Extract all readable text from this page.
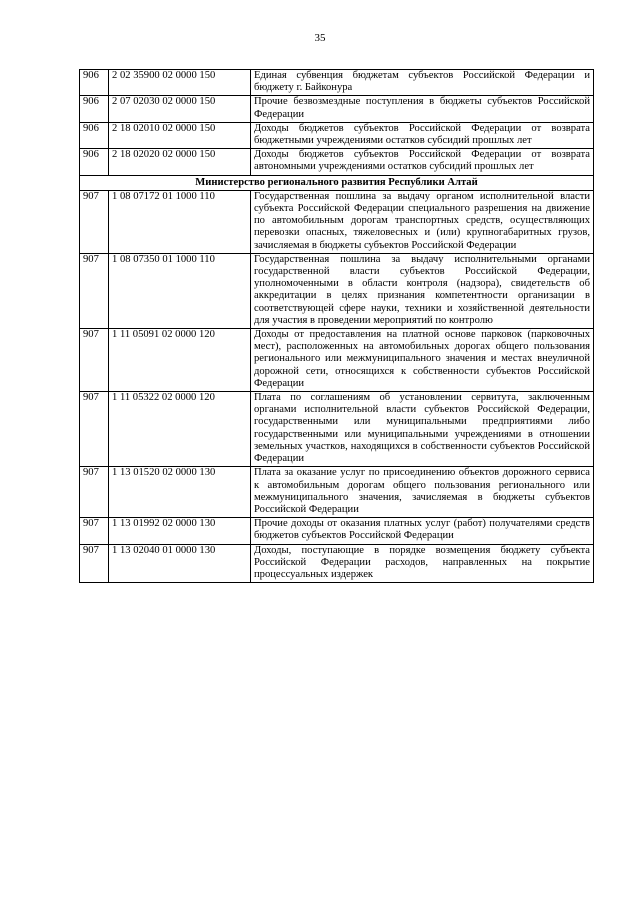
35
906	2 02 35900 02 0000 150	Единая субвенция бюджетам субъектов Российской Федерации и бюджету г. Байконура
906	2 07 02030 02 0000 150	Прочие безвозмездные поступления в бюджеты субъектов Российской Федерации
906	2 18 02010 02 0000 150	Доходы бюджетов субъектов Российской Федерации от возврата бюджетными учреждениями остатков субсидий прошлых лет
906	2 18 02020 02 0000 150	Доходы бюджетов субъектов Российской Федерации от возврата автономными учреждениями остатков субсидий прошлых лет
Министерство регионального развития Республики Алтай		
907	1 08 07172 01 1000 110	Государственная пошлина за выдачу органом исполнительной власти субъекта Российской Федерации специального разрешения на движение по автомобильным дорогам транспортных средств, осуществляющих перевозки опасных, тяжеловесных и (или) крупногабаритных грузов, зачисляемая в бюджеты субъектов Российской Федерации
907	1 08 07350 01 1000 110	Государственная пошлина за выдачу исполнительными органами государственной власти субъектов Российской Федерации, уполномоченными в области контроля (надзора), свидетельств об аккредитации в целях признания компетентности организации в соответствующей сфере науки, техники и хозяйственной деятельности для участия в проведении мероприятий по контролю
907	1 11 05091 02 0000 120	Доходы от предоставления на платной основе парковок (парковочных мест), расположенных на автомобильных дорогах общего пользования регионального или межмуниципального значения и местах внеуличной дорожной сети, относящихся к собственности субъектов Российской Федерации
907	1 11 05322 02 0000 120	Плата по соглашениям об установлении сервитута, заключенным органами исполнительной власти субъектов Российской Федерации, государственными или муниципальными предприятиями либо государственными или муниципальными учреждениями в отношении земельных участков, находящихся в собственности субъектов Российской Федерации
907	1 13 01520 02 0000 130	Плата за оказание услуг по присоединению объектов дорожного сервиса к автомобильным дорогам общего пользования регионального или межмуниципального значения, зачисляемая в бюджеты субъектов Российской Федерации
907	1 13 01992 02 0000 130	Прочие доходы от оказания платных услуг (работ) получателями средств бюджетов субъектов Российской Федерации
907	1 13 02040 01 0000 130	Доходы, поступающие в порядке возмещения бюджету субъекта Российской Федерации расходов, направленных на покрытие процессуальных издержек
